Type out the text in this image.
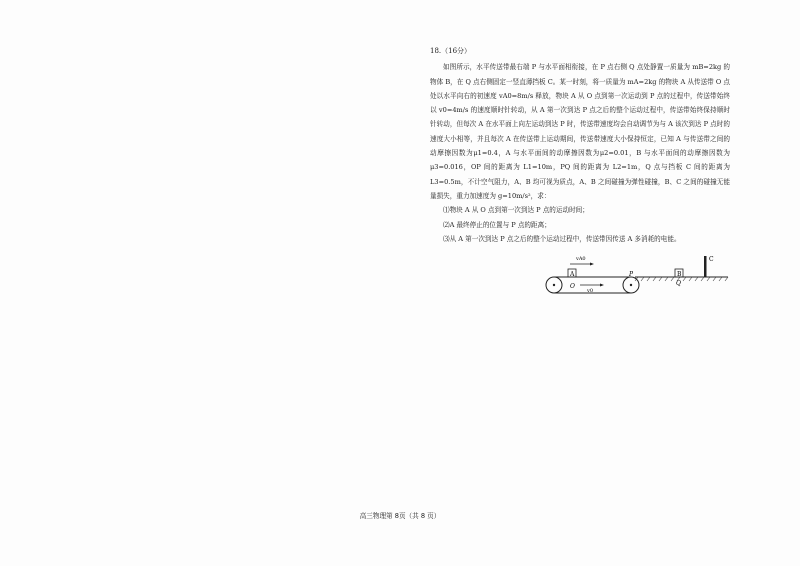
18.（16分）

如图所示，水平传送带最右端 P 与水平面相衔接，在 P 点右侧 Q 点处静置一质量为 mB=2kg 的物体 B，在 Q 点右侧固定一竖直薄挡板 C。某一时刻，将一质量为 mA=2kg 的物块 A 从传送带 O 点处以水平向右的初速度 vA0=8m/s 释放，物块 A 从 O 点到第一次运动到 P 点的过程中，传送带始终以 v0=4m/s 的速度顺时针转动，从 A 第一次到达 P 点之后的整个运动过程中，传送带始终保持顺时针转动，但每次 A 在水平面上向左运动到达 P 时，传送带速度均会自动调节为与 A 该次到达 P 点时的速度大小相等，并且每次 A 在传送带上运动期间，传送带速度大小保持恒定，已知 A 与传送带之间的动摩擦因数为μ1=0.4，A 与水平面间的动摩擦因数为μ2=0.01，B 与水平面间的动摩擦因数为μ3=0.016，OP 间的距离为 L1=10m，PQ 间的距离为 L2=1m，Q 点与挡板 C 间的距离为 L3=0.5m，不计空气阻力，A、B 均可视为质点，A、B 之间碰撞为弹性碰撞，B、C 之间的碰撞无能量损失，重力加速度为 g=10m/s²，求：

⑴物块 A 从 O 点到第一次到达 P 点的运动时间；

⑵A 最终停止的位置与 P 点的距离；

⑶从 A 第一次到达 P 点之后的整个运动过程中，传送带因传送 A 多消耗的电能。

A
vA0
O
v0
P	B
Q
C
高三物理第 8页（共 8 页）
